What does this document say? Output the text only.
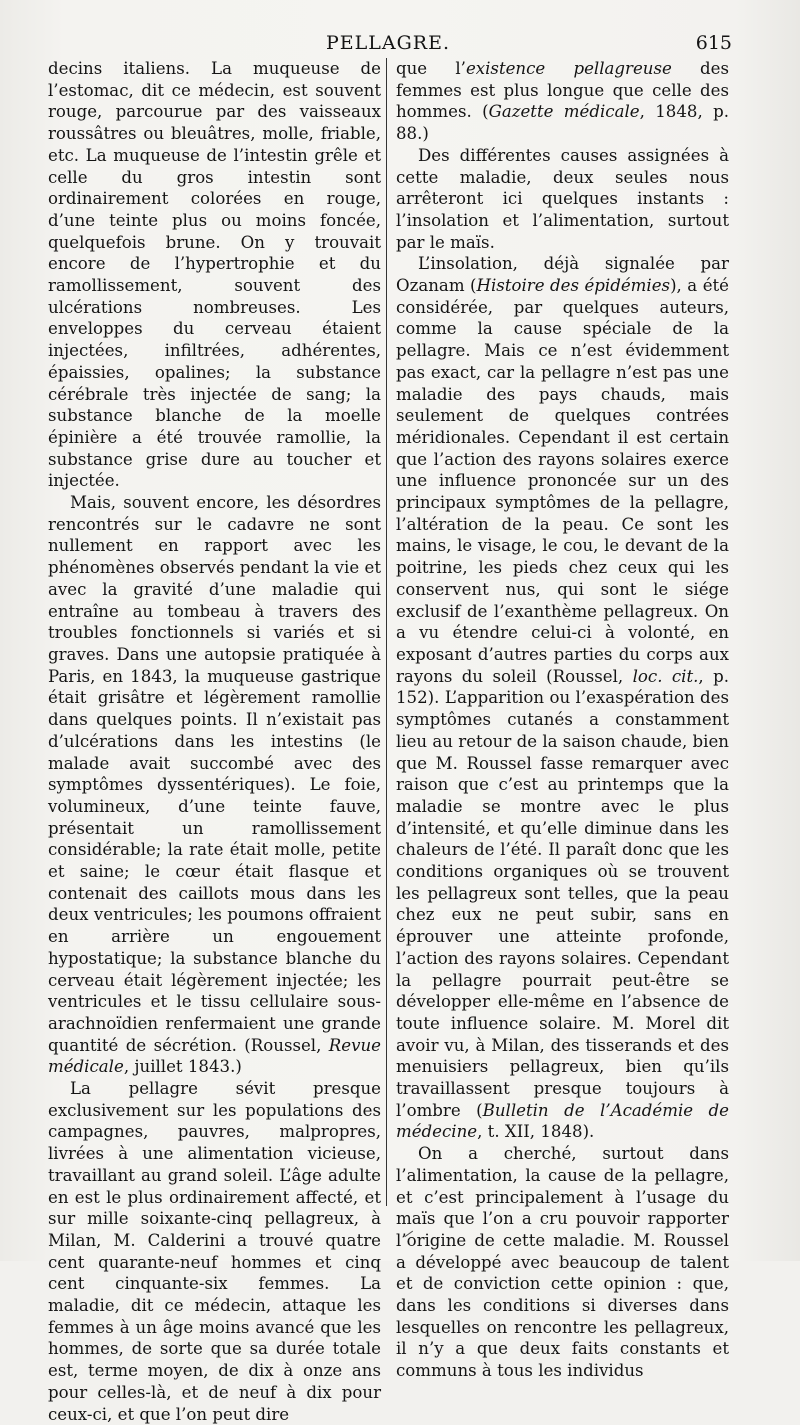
PELLAGRE.	615

decins italiens. La muqueuse de l’estomac, dit ce médecin, est souvent rouge, parcourue par des vaisseaux roussâtres ou bleuâtres, molle, friable, etc. La muqueuse de l’intestin grêle et celle du gros intestin sont ordinairement colorées en rouge, d’une teinte plus ou moins foncée, quelquefois brune. On y trouvait encore de l’hypertrophie et du ramollissement, souvent des ulcérations nombreuses. Les enveloppes du cerveau étaient injectées, infiltrées, adhérentes, épaissies, opalines; la substance cérébrale très injectée de sang; la substance blanche de la moelle épinière a été trouvée ramollie, la substance grise dure au toucher et injectée.

Mais, souvent encore, les désordres rencontrés sur le cadavre ne sont nullement en rapport avec les phénomènes observés pendant la vie et avec la gravité d’une maladie qui entraîne au tombeau à travers des troubles fonctionnels si variés et si graves. Dans une autopsie pratiquée à Paris, en 1843, la muqueuse gastrique était grisâtre et légèrement ramollie dans quelques points. Il n’existait pas d’ulcérations dans les intestins (le malade avait succombé avec des symptômes dyssentériques). Le foie, volumineux, d’une teinte fauve, présentait un ramollissement considérable; la rate était molle, petite et saine; le cœur était flasque et contenait des caillots mous dans les deux ventricules; les poumons offraient en arrière un engouement hypostatique; la substance blanche du cerveau était légèrement injectée; les ventricules et le tissu cellulaire sous-arachnoïdien renfermaient une grande quantité de sécrétion. (Roussel, Revue médicale, juillet 1843.)

La pellagre sévit presque exclusivement sur les populations des campagnes, pauvres, malpropres, livrées à une alimentation vicieuse, travaillant au grand soleil. L’âge adulte en est le plus ordinairement affecté, et sur mille soixante-cinq pellagreux, à Milan, M. Calderini a trouvé quatre cent quarante-neuf hommes et cinq cent cinquante-six femmes. La maladie, dit ce médecin, attaque les femmes à un âge moins avancé que les hommes, de sorte que sa durée totale est, terme moyen, de dix à onze ans pour celles-là, et de neuf à dix pour ceux-ci, et que l’on peut dire

que l’existence pellagreuse des femmes est plus longue que celle des hommes. (Gazette médicale, 1848, p. 88.)

Des différentes causes assignées à cette maladie, deux seules nous arrêteront ici quelques instants : l’insolation et l’alimentation, surtout par le maïs.

L’insolation, déjà signalée par Ozanam (Histoire des épidémies), a été considérée, par quelques auteurs, comme la cause spéciale de la pellagre. Mais ce n’est évidemment pas exact, car la pellagre n’est pas une maladie des pays chauds, mais seulement de quelques contrées méridionales. Cependant il est certain que l’action des rayons solaires exerce une influence prononcée sur un des principaux symptômes de la pellagre, l’altération de la peau. Ce sont les mains, le visage, le cou, le devant de la poitrine, les pieds chez ceux qui les conservent nus, qui sont le siége exclusif de l’exanthème pellagreux. On a vu étendre celui-ci à volonté, en exposant d’autres parties du corps aux rayons du soleil (Roussel, loc. cit., p. 152). L’apparition ou l’exaspération des symptômes cutanés a constamment lieu au retour de la saison chaude, bien que M. Roussel fasse remarquer avec raison que c’est au printemps que la maladie se montre avec le plus d’intensité, et qu’elle diminue dans les chaleurs de l’été. Il paraît donc que les conditions organiques où se trouvent les pellagreux sont telles, que la peau chez eux ne peut subir, sans en éprouver une atteinte profonde, l’action des rayons solaires. Cependant la pellagre pourrait peut-être se développer elle-même en l’absence de toute influence solaire. M. Morel dit avoir vu, à Milan, des tisserands et des menuisiers pellagreux, bien qu’ils travaillassent presque toujours à l’ombre (Bulletin de l’Académie de médecine, t. XII, 1848).

On a cherché, surtout dans l’alimentation, la cause de la pellagre, et c’est principalement à l’usage du maïs que l’on a cru pouvoir rapporter l’origine de cette maladie. M. Roussel a développé avec beaucoup de talent et de conviction cette opinion : que, dans les conditions si diverses dans lesquelles on rencontre les pellagreux, il n’y a que deux faits constants et communs à tous les individus
